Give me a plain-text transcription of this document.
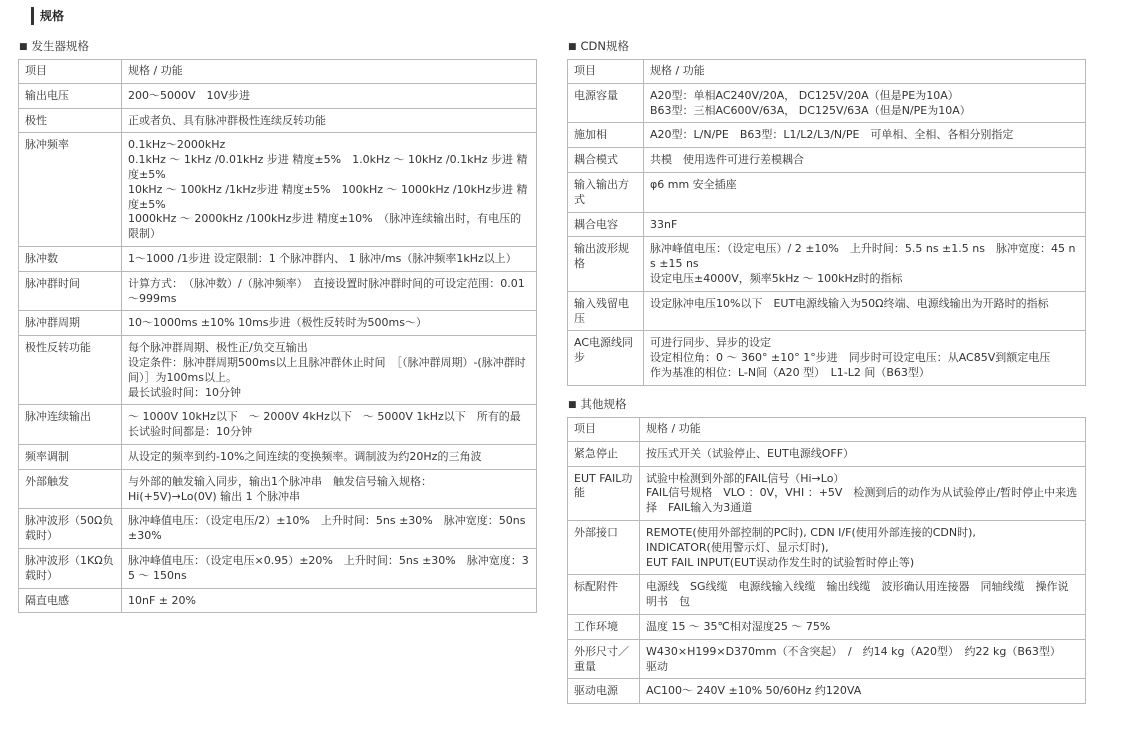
规格
■ 发生器规格
项目	规格 / 功能
输出电压	200～5000V　10V步进

极性	正或者负、具有脉冲群极性连续反转功能

脉冲频率	0.1kHz～2000kHz
0.1kHz ～ 1kHz /0.01kHz 步进 精度±5%　1.0kHz ～ 10kHz /0.1kHz 步进 精度±5%
10kHz ～ 100kHz /1kHz步进 精度±5%　100kHz ～ 1000kHz /10kHz步进 精度±5%
1000kHz ～ 2000kHz /100kHz步进 精度±10%　（脉冲连续输出时，有电压的限制）

脉冲数	1～1000 /1步进 设定限制：1 个脉冲群内、 1 脉冲/ms（脉冲频率1kHz以上）

脉冲群时间	计算方式：　（脉冲数）/（脉冲频率）　直接设置时脉冲群时间的可设定范围：0.01～999ms

脉冲群周期	10～1000ms ±10% 10ms步进（极性反转时为500ms～）

极性反转功能	每个脉冲群周期、极性正/负交互输出
设定条件：脉冲群周期500ms以上且脉冲群休止时间　［（脉冲群周期）-(脉冲群时间）］为100ms以上。
最长试验时间：10分钟

脉冲连续输出	～ 1000V 10kHz以下　～ 2000V 4kHz以下　～ 5000V 1kHz以下　所有的最长试验时间都是：10分钟

频率调制	从设定的频率到约-10%之间连续的变换频率。调制波为约20Hz的三角波

外部触发	与外部的触发输入同步，输出1个脉冲串　触发信号输入规格：
Hi(+5V)→Lo(0V) 输出 1 个脉冲串

脉冲波形（50Ω负载时）	脉冲峰值电压：（设定电压/2）±10%　上升时间：5ns ±30%　脉冲宽度：50ns ±30%

脉冲波形（1KΩ负载时）	脉冲峰值电压：（设定电压×0.95）±20%　上升时间：5ns ±30%　脉冲宽度：35 ～ 150ns

隔直电感	10nF ± 20%
■ CDN规格
项目	规格 / 功能
电源容量	A20型：单相AC240V/20A， DC125V/20A（但是PE为10A）
B63型：三相AC600V/63A， DC125V/63A（但是N/PE为10A）

施加相	A20型：L/N/PE　B63型：L1/L2/L3/N/PE　可单相、全相、各相分别指定

耦合模式	共模　使用选件可进行差模耦合

输入输出方式	φ6 mm 安全插座

耦合电容	33nF

输出波形规格	脉冲峰值电压：（设定电压）/ 2 ±10%　上升时间：5.5 ns ±1.5 ns　脉冲宽度：45 ns ±15 ns
设定电压±4000V，频率5kHz ～ 100kHz时的指标

输入残留电压	设定脉冲电压10%以下　EUT电源线输入为50Ω终端、电源线输出为开路时的指标

AC电源线同步	可进行同步、异步的设定
设定相位角：0 ～ 360° ±10° 1°步进　同步时可设定电压：从AC85V到额定电压
作为基准的相位：L-N间（A20 型）　L1-L2 间（B63型）
■ 其他规格
项目	规格 / 功能
紧急停止	按压式开关（试验停止、EUT电源线OFF）

EUT FAIL功能	试验中检测到外部的FAIL信号（Hi→Lo）
FAIL信号规格　VLO ：0V，VHI ：+5V　检测到后的动作为从试验停止/暂时停止中来选择　FAIL输入为3通道

外部接口	REMOTE(使用外部控制的PC时), CDN I/F(使用外部连接的CDN时),
INDICATOR(使用警示灯、显示灯时),
EUT FAIL INPUT(EUT误动作发生时的试验暂时停止等)

标配附件	电源线　SG线缆　电源线输入线缆　输出线缆　波形确认用连接器　同轴线缆　操作说明书　包

工作环境	温度 15 ～ 35℃相对湿度25 ～ 75%

外形尺寸／重量	W430×H199×D370mm（不含突起）　/　约14 kg（A20型）　约22 kg（B63型）
驱动

驱动电源	AC100～ 240V ±10% 50/60Hz 约120VA
